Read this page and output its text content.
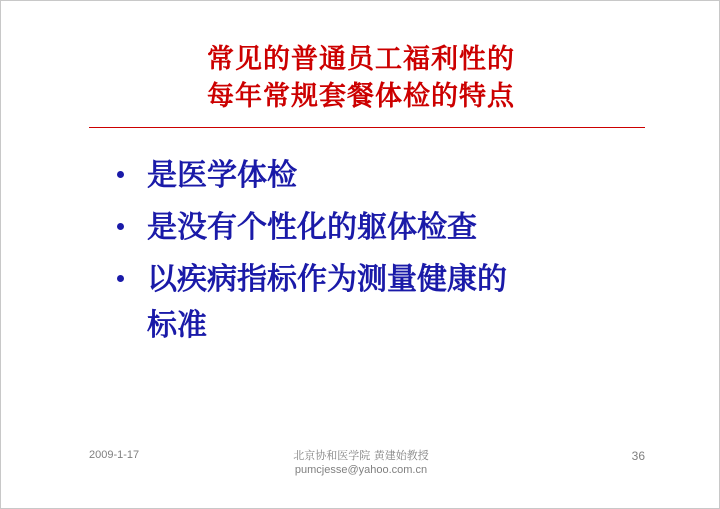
常见的普通员工福利性的
每年常规套餐体检的特点
是医学体检
是没有个性化的躯体检查
以疾病指标作为测量健康的
标准
2009-1-17	北京协和医学院 黄建始教授
pumcjesse@yahoo.com.cn
36
